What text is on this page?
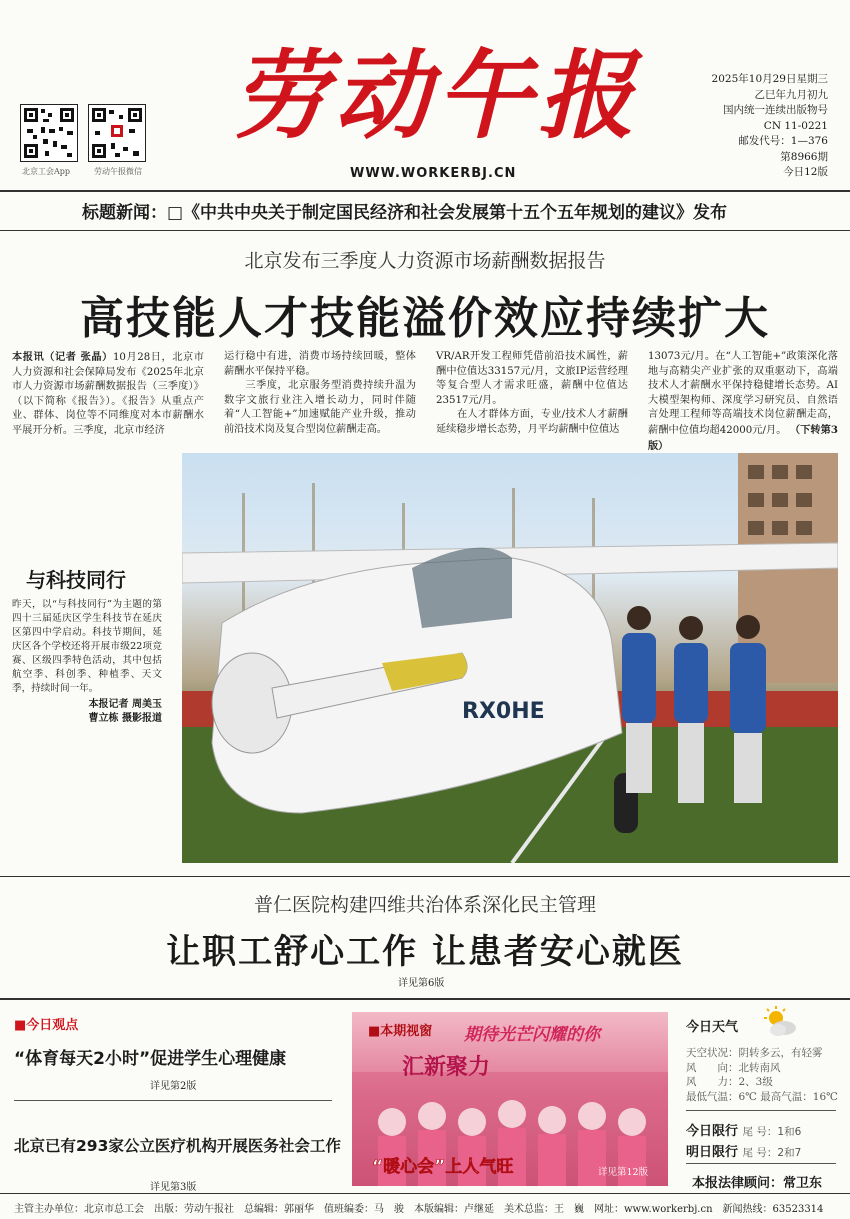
北京工会App	劳动午报微信
劳动午报
WWW.WORKERBJ.CN
2025年10月29日星期三
乙巳年九月初九
国内统一连续出版物号
CN 11-0221
邮发代号：1—376
第8966期
今日12版
标题新闻：□《中共中央关于制定国民经济和社会发展第十五个五年规划的建议》发布
北京发布三季度人力资源市场薪酬数据报告
高技能人才技能溢价效应持续扩大
本报讯（记者 张晶）10月28日，北京市人力资源和社会保障局发布《2025年北京市人力资源市场薪酬数据报告（三季度）》（以下简称《报告》）。《报告》从重点产业、群体、岗位等不同维度对本市薪酬水平展开分析。三季度，北京市经济
运行稳中有进，消费市场持续回暖，整体薪酬水平保持平稳。
　　三季度，北京服务型消费持续升温为数字文旅行业注入增长动力，同时伴随着“人工智能+”加速赋能产业升级，推动前沿技术岗及复合型岗位薪酬走高。
VR/AR开发工程师凭借前沿技术属性，薪酬中位值达33157元/月，文旅IP运营经理等复合型人才需求旺盛，薪酬中位值达23517元/月。
　　在人才群体方面，专业/技术人才薪酬延续稳步增长态势，月平均薪酬中位值达
13073元/月。在“人工智能+”政策深化落地与高精尖产业扩张的双重驱动下，高端技术人才薪酬水平保持稳健增长态势。AI大模型架构师、深度学习研究员、自然语言处理工程师等高端技术岗位薪酬走高，薪酬中位值均超42000元/月。 （下转第3版）
与科技同行
昨天，以“与科技同行”为主题的第四十三届延庆区学生科技节在延庆区第四中学启动。科技节期间，延庆区各个学校还将开展市级22项竞赛、区级四季特色活动，其中包括航空季、科创季、种植季、天文季，持续时间一年。
本报记者 周美玉
曹立栋 摄影报道	RX0HE
普仁医院构建四维共治体系深化民主管理
让职工舒心工作 让患者安心就医
详见第6版
■今日观点
“体育每天2小时”促进学生心理健康
详见第2版
北京已有293家公立医疗机构开展医务社会工作
详见第3版
■本期视窗 期待光芒闪耀的你
汇新聚力
“暖心会”上人气旺	详见第12版
今日天气
天空状况：阴转多云，有轻雾
风　　向：北转南风
风　　力：2、3级
最低气温：6℃ 最高气温：16℃
今日限行 尾 号：1和6
明日限行 尾 号：2和7
本报法律顾问：常卫东
主管主办单位：北京市总工会　出版：劳动午报社　总编辑：郭丽华　值班编委：马　骏　本版编辑：卢继延　美术总监：王　巍　网址：www.workerbj.cn　新闻热线：63523314
